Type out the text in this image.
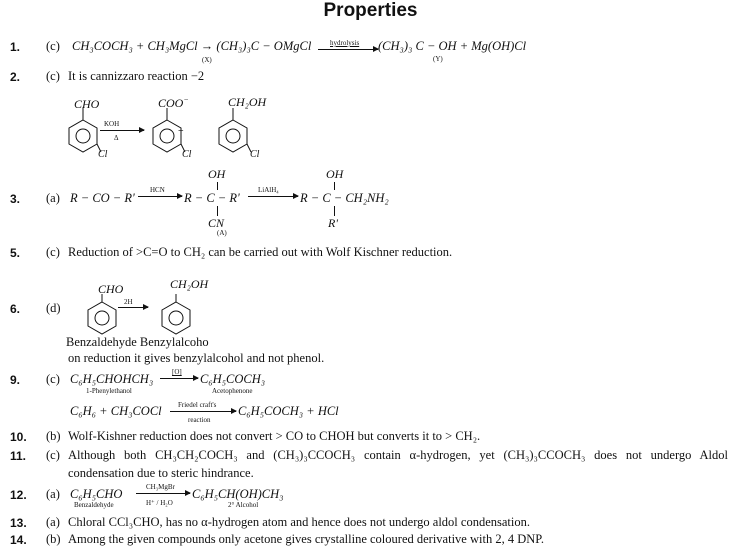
Properties
1. (c) CH₃COCH₃ + CH₃MgCl → (CH₃)₃C − OMgCl
(X)
hydrolysis → (CH₃)₃ C − OH + Mg(OH)Cl
(Y)
2. (c) It is cannizzaro reaction −2
CHO	COO−	CH₂OH
KOH
Δ
+
Cl	Cl	Cl
3. (a)
OH	OH
R − CO − R'
HCN
→ R − C − R'
LiAlH₄
→ R − C − CH₂NH₂
CN
(A)
R'
5. (c) Reduction of >C=O to CH₂ can be carried out with Wolf Kischner reduction.
6. (d)
CHO	CH₂OH
2H
Benzaldehyde Benzylalcoho
on reduction it gives benzylalcohol and not phenol.
9. (c) C₆H₅CHOHCH₃	[O] → C₆H₅COCH₃
1-Phenylethanol	Acetophenone
C₆H₆ + CH₃COCl Friedel craft's
reaction
C₆H₅COCH₃ + HCl
10. (b) Wolf-Kishner reduction does not convert > CO to CHOH but converts it to > CH₂.
11. (c) Although both CH₃CH₂COCH₃ and (CH₃)₃CCOCH₃ contain α-hydrogen, yet (CH₃)₃CCOCH₃ does not undergo Aldol
condensation due to steric hindrance.
12. (a) C₆H₅CHO	CH₃MgBr
H⁺ / H₂O
C₆H₅CH(OH)CH₃
Benzaldehyde	2° Alcohol
13. (a) Chloral CCl₃CHO, has no α-hydrogen atom and hence does not undergo aldol condensation.
14. (b) Among the given compounds only acetone gives crystalline coloured derivative with 2, 4 DNP.
